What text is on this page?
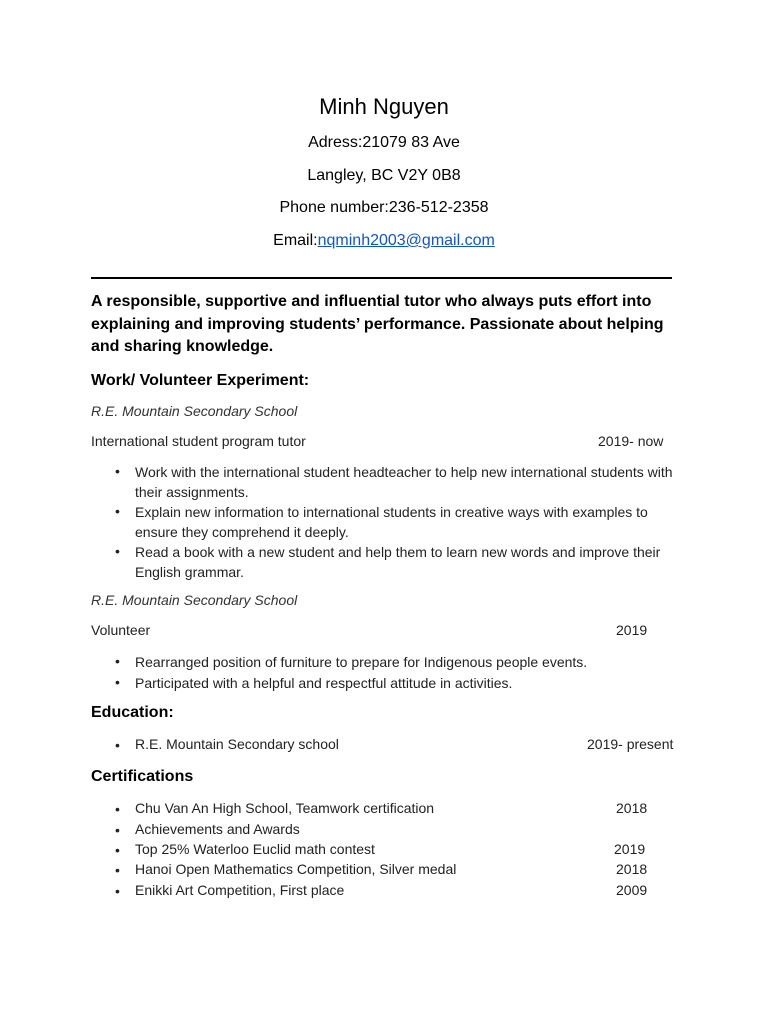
Minh Nguyen
Adress:21079 83 Ave
Langley, BC V2Y 0B8
Phone number:236-512-2358
Email:nqminh2003@gmail.com
A responsible, supportive and influential tutor who always puts effort into explaining and improving students’ performance. Passionate about helping and sharing knowledge.
Work/ Volunteer Experiment:
R.E. Mountain Secondary School
International student program tutor	2019- now
• Work with the international student headteacher to help new international students with their assignments.
• Explain new information to international students in creative ways with examples to ensure they comprehend it deeply.
• Read a book with a new student and help them to learn new words and improve their English grammar.
R.E. Mountain Secondary School
Volunteer	2019
• Rearranged position of furniture to prepare for Indigenous people events.
• Participated with a helpful and respectful attitude in activities.
Education:
• R.E. Mountain Secondary school	2019- present
Certifications
• Chu Van An High School, Teamwork certification	2018
• Achievements and Awards
• Top 25% Waterloo Euclid math contest	2019
• Hanoi Open Mathematics Competition, Silver medal	2018
• Enikki Art Competition, First place	2009
